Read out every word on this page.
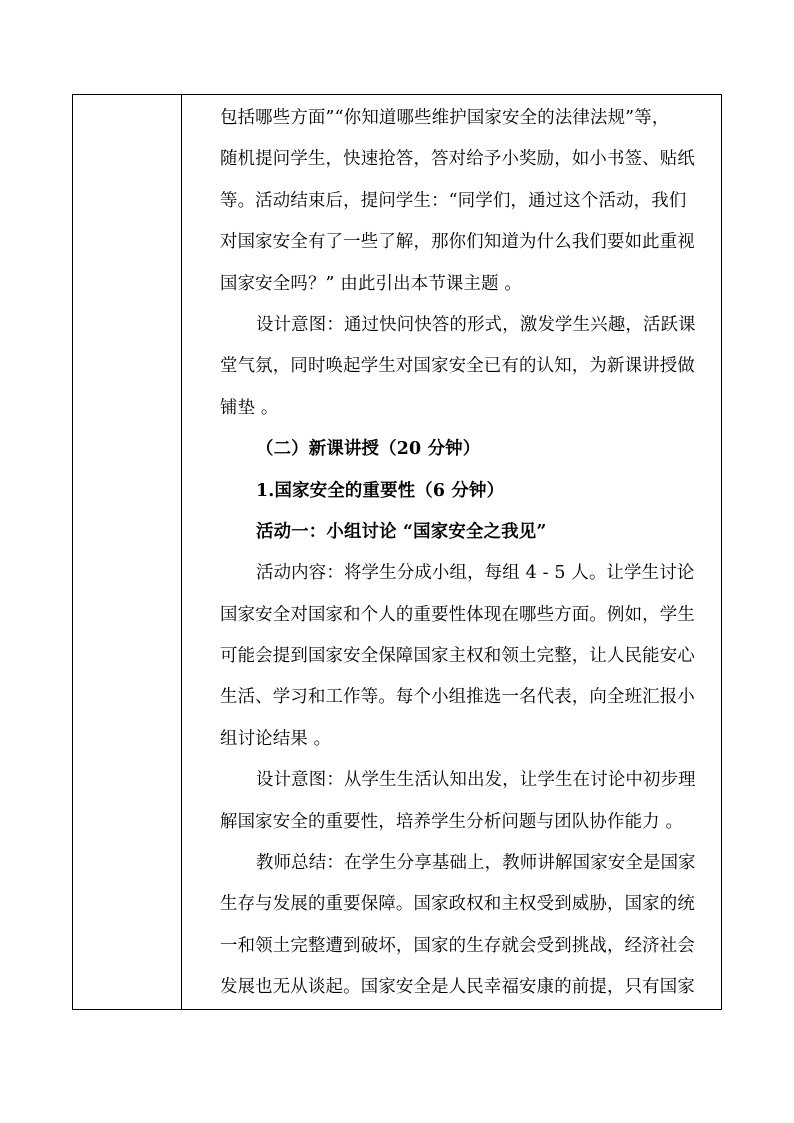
包括哪些方面”“你知道哪些维护国家安全的法律法规”等，
随机提问学生，快速抢答，答对给予小奖励，如小书签、贴纸
等。活动结束后，提问学生：“同学们，通过这个活动，我们
对国家安全有了一些了解，那你们知道为什么我们要如此重视
国家安全吗？” 由此引出本节课主题 。
设计意图：通过快问快答的形式，激发学生兴趣，活跃课
堂气氛，同时唤起学生对国家安全已有的认知，为新课讲授做
铺垫 。
（二）新课讲授（20 分钟）
1.国家安全的重要性（6 分钟）
活动一：小组讨论 “国家安全之我见”
活动内容：将学生分成小组，每组 4 - 5 人。让学生讨论
国家安全对国家和个人的重要性体现在哪些方面。例如，学生
可能会提到国家安全保障国家主权和领土完整，让人民能安心
生活、学习和工作等。每个小组推选一名代表，向全班汇报小
组讨论结果 。
设计意图：从学生生活认知出发，让学生在讨论中初步理
解国家安全的重要性，培养学生分析问题与团队协作能力 。
教师总结：在学生分享基础上，教师讲解国家安全是国家
生存与发展的重要保障。国家政权和主权受到威胁，国家的统
一和领土完整遭到破坏，国家的生存就会受到挑战，经济社会
发展也无从谈起。国家安全是人民幸福安康的前提，只有国家
